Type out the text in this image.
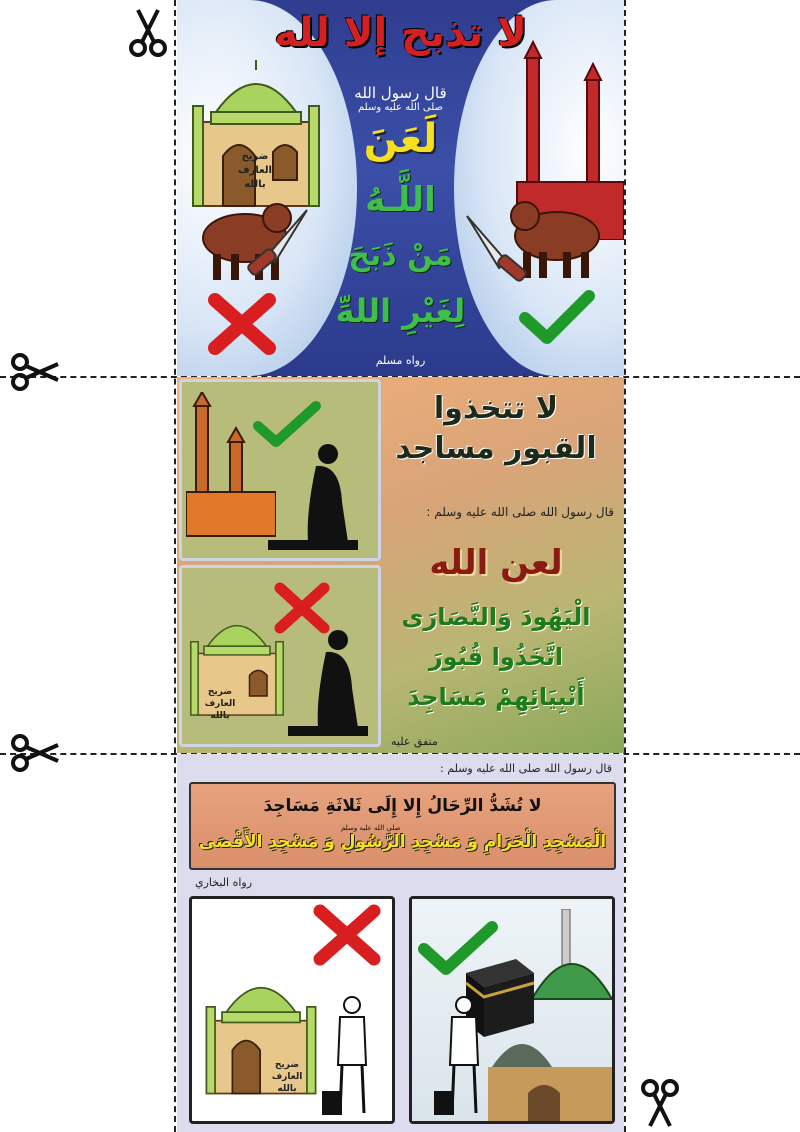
ضريح
العارف
بالله
لا تذبح إلا لله
قال رسول الله
صلى الله عليه وسلم
لَعَنَ
اللَّـهُ
مَنْ ذَبَحَ
لِغَيْرِ اللهِّ
رواه مسلم
ضريح
العارف
بالله
لا تتخذوا
القبور مساجد
قال رسول الله صلى الله عليه وسلم :
لعن الله
الْيَهُودَ وَالنَّصَارَى
اتَّخَذُوا قُبُورَ
أَنْبِيَائِهِمْ مَسَاجِدَ
متفق عليه
قال رسول الله صلى الله عليه وسلم :
لا تُشَدُّ الرِّحَالُ إِلا إِلَى ثَلاثَةِ مَسَاجِدَ
الْمَسْجِدِ الْحَرَامِ وَ مَسْجِدِ الرَّسُولِ وَ مَسْجِدِ الأَقْصَى
صلى الله عليه وسلم
رواه البخاري
ضريح
العارف
بالله
